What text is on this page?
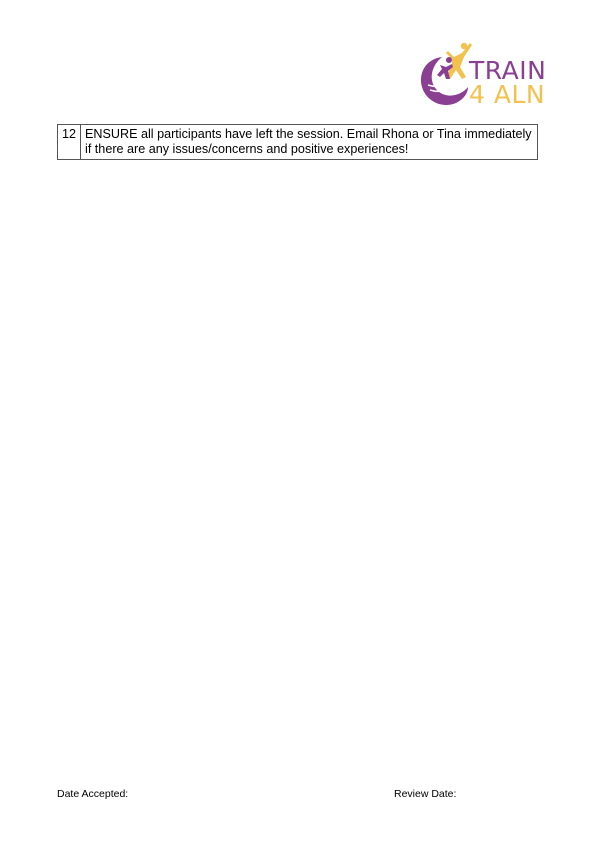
TRAIN
4 ALN
12	ENSURE all participants have left the session. Email Rhona or Tina immediately if there are any issues/concerns and positive experiences!
Date Accepted:	Review Date:
